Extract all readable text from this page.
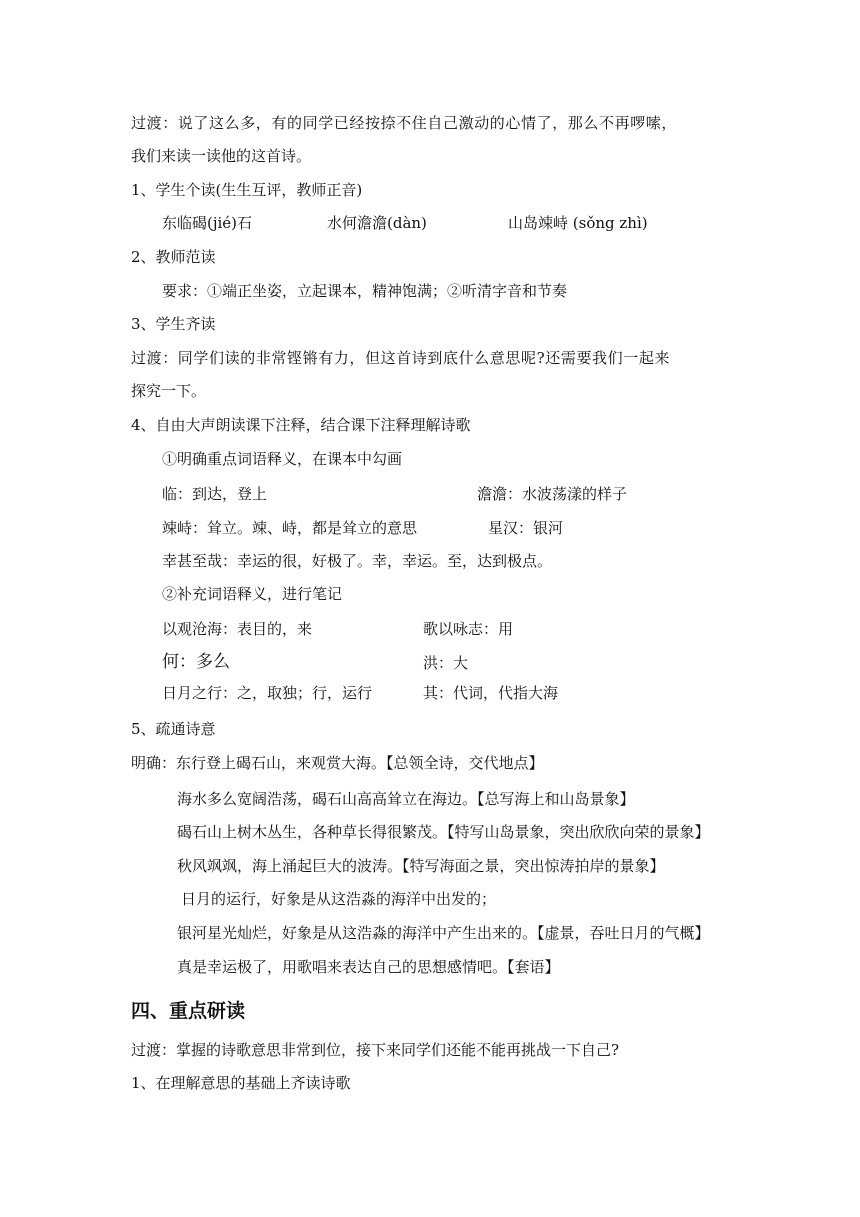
过渡：说了这么多，有的同学已经按捺不住自己激动的心情了，那么不再啰嗦，
我们来读一读他的这首诗。
1、学生个读(生生互评，教师正音)
东临碣(jié)石	水何澹澹(dàn)	山岛竦峙 (sǒng zhì)
2、教师范读
要求：①端正坐姿，立起课本，精神饱满；②听清字音和节奏
3、学生齐读
过渡：同学们读的非常铿锵有力，但这首诗到底什么意思呢?还需要我们一起来
探究一下。
4、自由大声朗读课下注释，结合课下注释理解诗歌
①明确重点词语释义，在课本中勾画
临：到达，登上	澹澹：水波荡漾的样子
竦峙：耸立。竦、峙，都是耸立的意思	星汉：银河
幸甚至哉：幸运的很，好极了。幸，幸运。至，达到极点。
②补充词语释义，进行笔记
以观沧海：表目的，来	歌以咏志：用
何：多么	洪：大
日月之行：之，取独；行，运行	其：代词，代指大海
5、疏通诗意
明确：东行登上碣石山，来观赏大海。【总领全诗，交代地点】
海水多么宽阔浩荡，碣石山高高耸立在海边。【总写海上和山岛景象】
碣石山上树木丛生，各种草长得很繁茂。【特写山岛景象，突出欣欣向荣的景象】
秋风飒飒，海上涌起巨大的波涛。【特写海面之景，突出惊涛拍岸的景象】
日月的运行，好象是从这浩淼的海洋中出发的；
银河星光灿烂，好象是从这浩淼的海洋中产生出来的。【虚景，吞吐日月的气概】
真是幸运极了，用歌唱来表达自己的思想感情吧。【套语】
四、重点研读
过渡：掌握的诗歌意思非常到位，接下来同学们还能不能再挑战一下自己?
1、在理解意思的基础上齐读诗歌
